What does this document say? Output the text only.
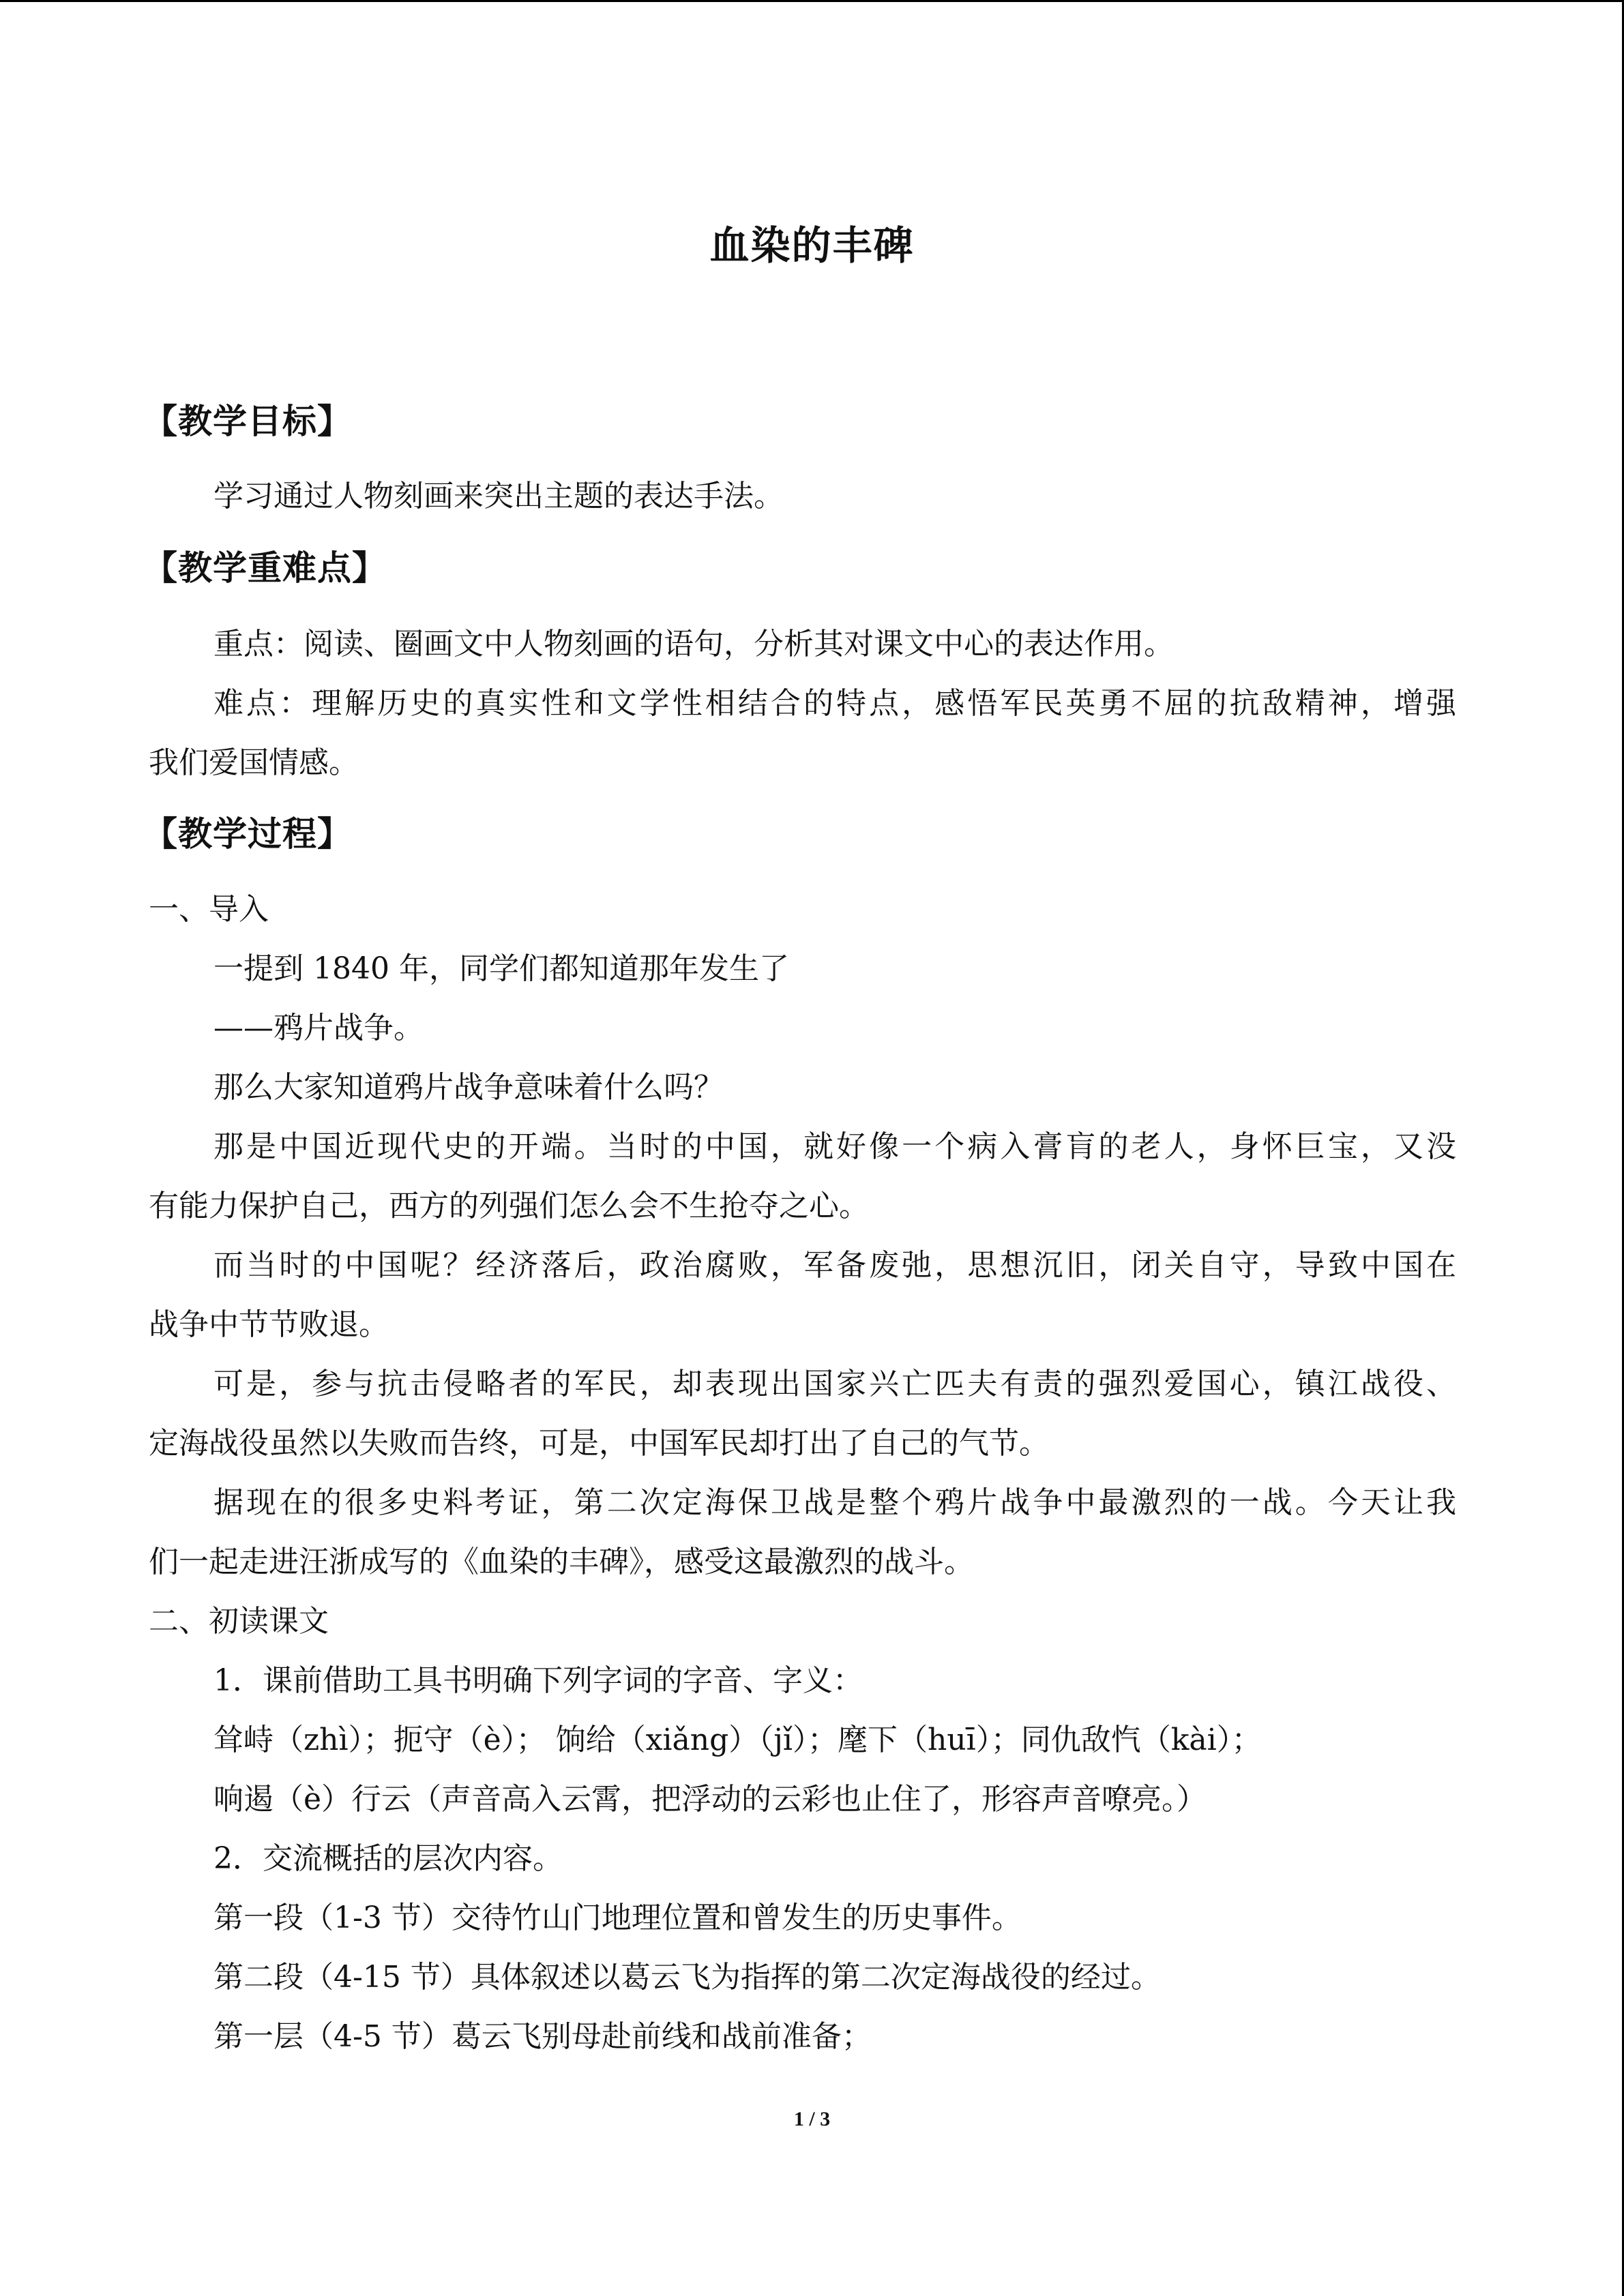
血染的丰碑
【教学目标】
学习通过人物刻画来突出主题的表达手法。
【教学重难点】
重点：阅读、圈画文中人物刻画的语句，分析其对课文中心的表达作用。
难点：理解历史的真实性和文学性相结合的特点，感悟军民英勇不屈的抗敌精神，增强
我们爱国情感。
【教学过程】
一、导入
一提到 1840 年，同学们都知道那年发生了
——鸦片战争。
那么大家知道鸦片战争意味着什么吗？
那是中国近现代史的开端。当时的中国，就好像一个病入膏肓的老人，身怀巨宝，又没
有能力保护自己，西方的列强们怎么会不生抢夺之心。
而当时的中国呢？经济落后，政治腐败，军备废弛，思想沉旧，闭关自守，导致中国在
战争中节节败退。
可是，参与抗击侵略者的军民，却表现出国家兴亡匹夫有责的强烈爱国心，镇江战役、
定海战役虽然以失败而告终，可是，中国军民却打出了自己的气节。
据现在的很多史料考证，第二次定海保卫战是整个鸦片战争中最激烈的一战。今天让我
们一起走进汪浙成写的《血染的丰碑》，感受这最激烈的战斗。
二、初读课文
1．课前借助工具书明确下列字词的字音、字义：
耸峙（zhì）；扼守（è）； 饷给（xiǎng）（jǐ）；麾下（huī）；同仇敌忾（kài）；
响遏（è）行云（声音高入云霄，把浮动的云彩也止住了，形容声音嘹亮。）
2．交流概括的层次内容。
第一段（1-3 节）交待竹山门地理位置和曾发生的历史事件。
第二段（4-15 节）具体叙述以葛云飞为指挥的第二次定海战役的经过。
第一层（4-5 节）葛云飞别母赴前线和战前准备；
1 / 3
